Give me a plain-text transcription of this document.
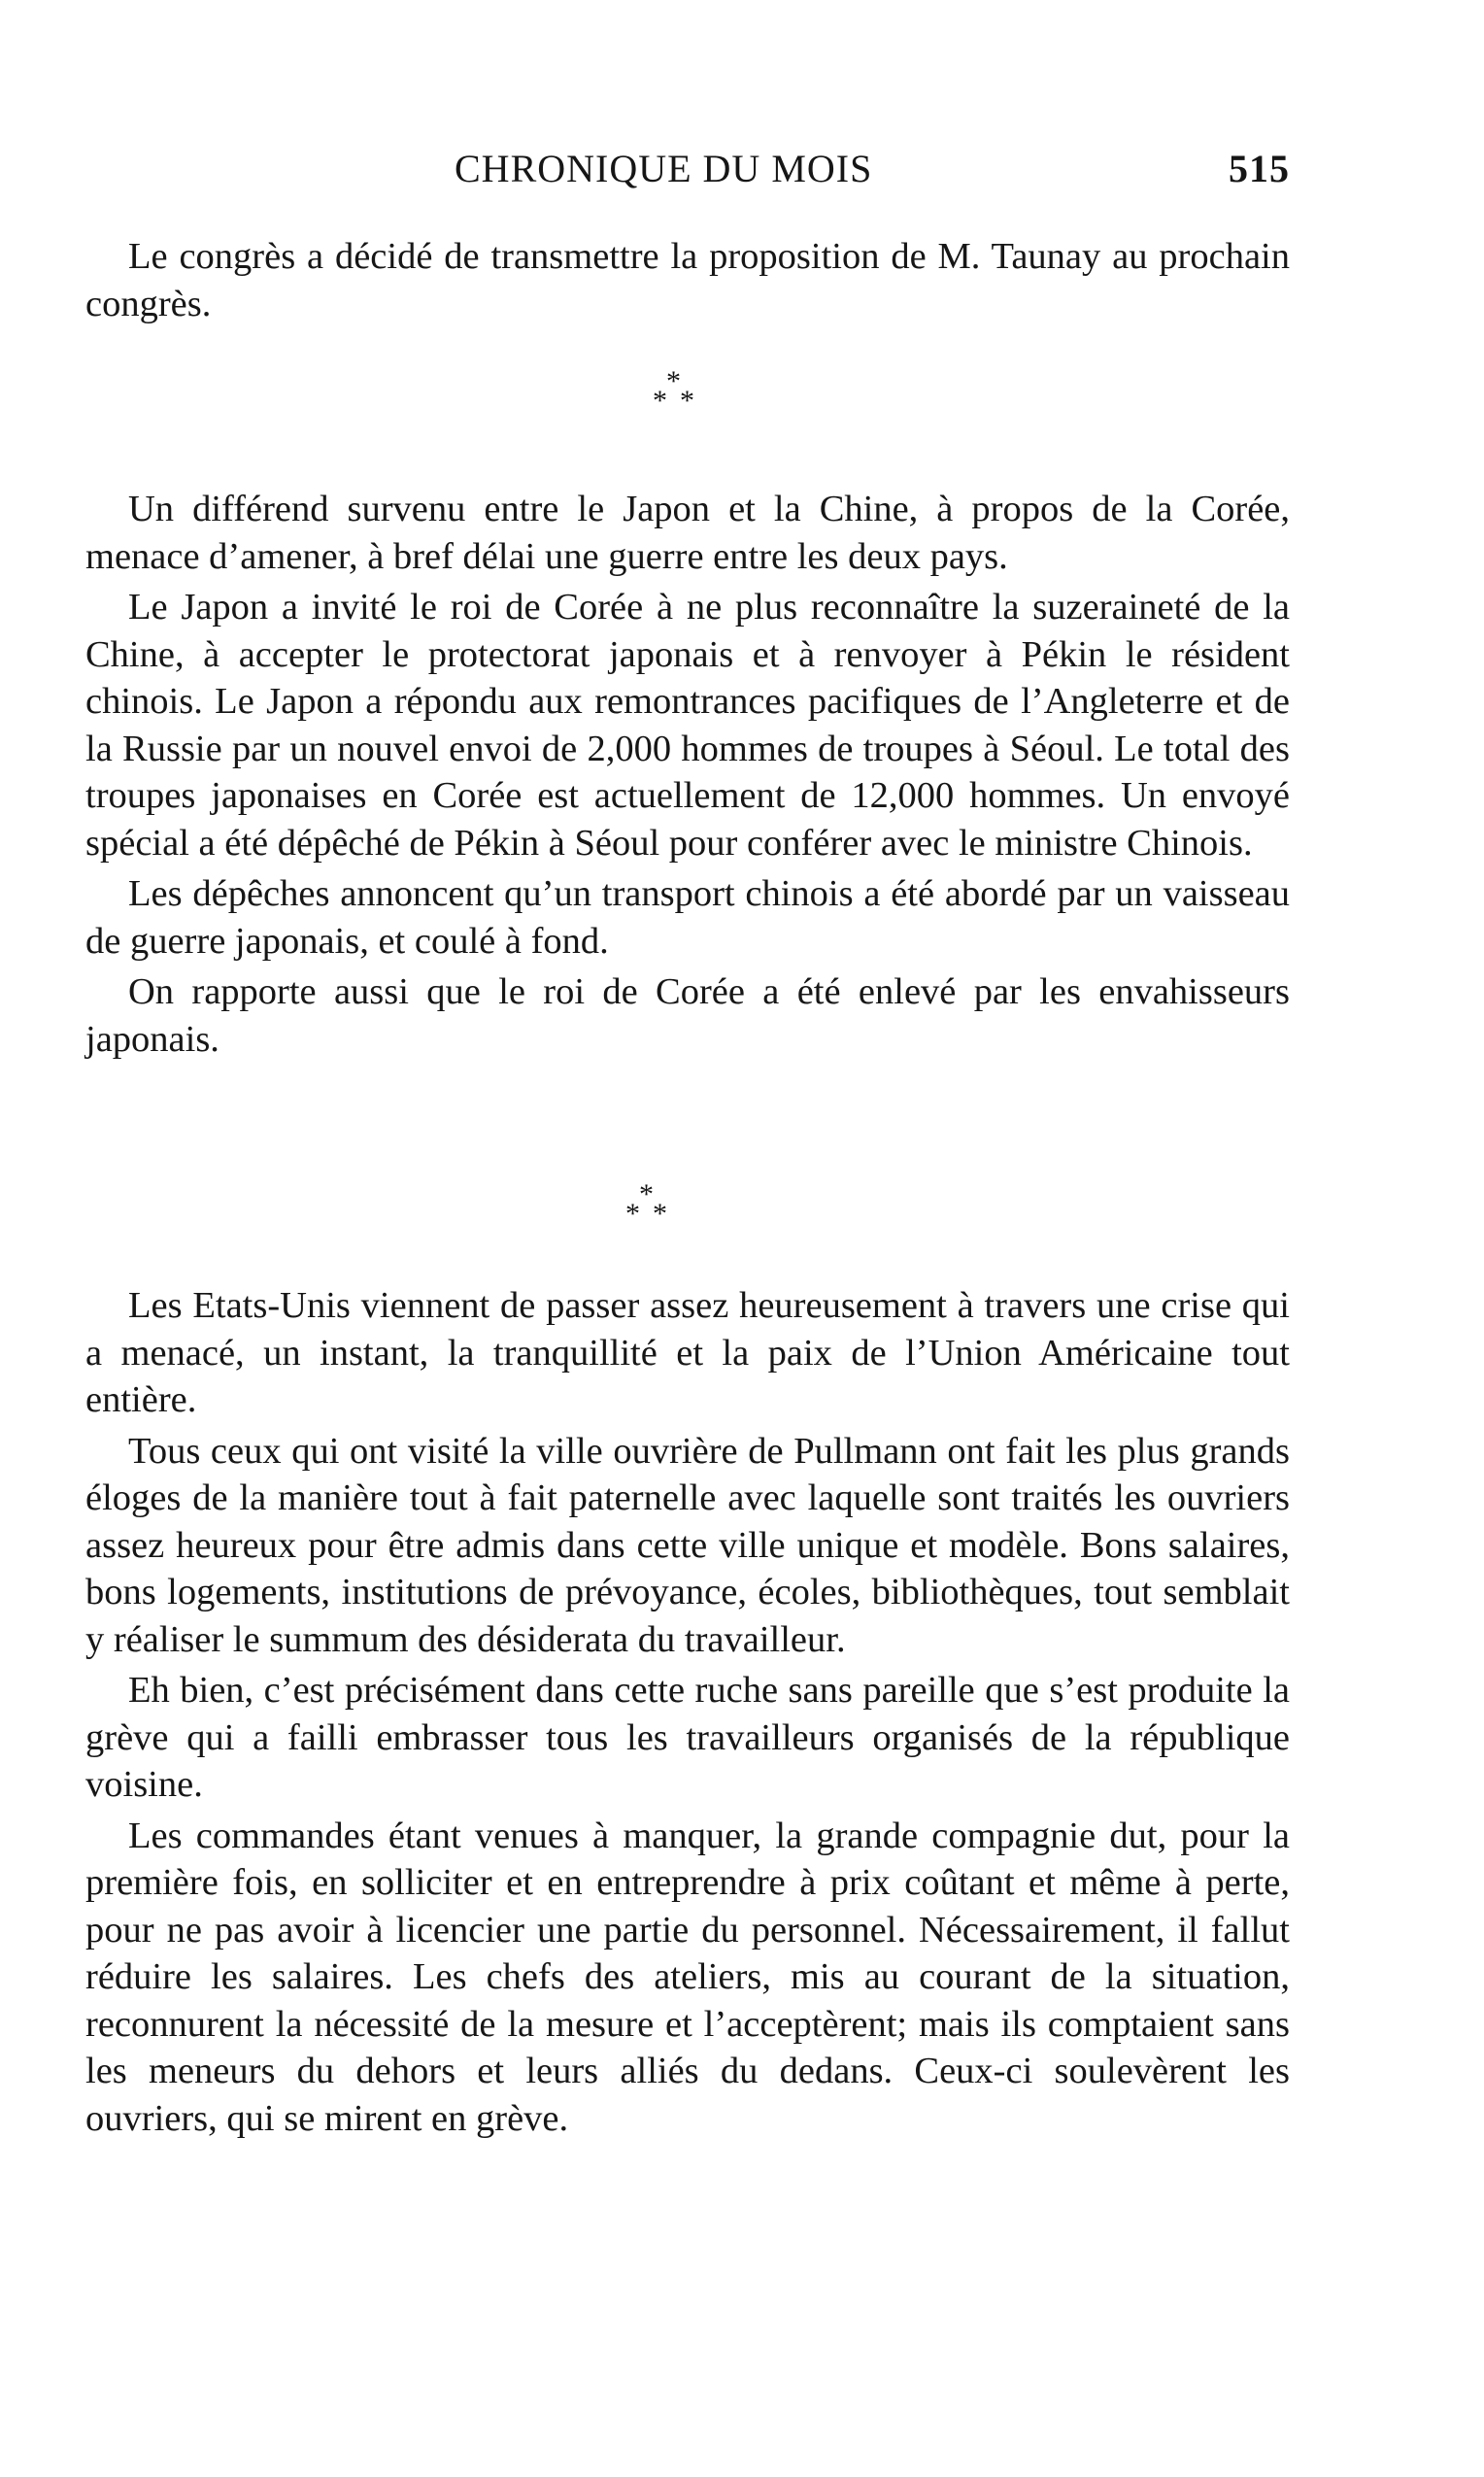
CHRONIQUE DU MOIS	515

Le congrès a décidé de transmettre la proposition de M. Taunay au prochain congrès.

*
* *

Un différend survenu entre le Japon et la Chine, à propos de la Corée, menace d’amener, à bref délai une guerre entre les deux pays.

Le Japon a invité le roi de Corée à ne plus reconnaître la suzeraineté de la Chine, à accepter le protectorat japonais et à renvoyer à Pékin le résident chinois. Le Japon a répondu aux remontrances pacifiques de l’Angleterre et de la Russie par un nouvel envoi de 2,000 hommes de troupes à Séoul. Le total des troupes japonaises en Corée est actuellement de 12,000 hommes. Un envoyé spécial a été dépêché de Pékin à Séoul pour conférer avec le ministre Chinois.

Les dépêches annoncent qu’un transport chinois a été abordé par un vaisseau de guerre japonais, et coulé à fond.

On rapporte aussi que le roi de Corée a été enlevé par les envahisseurs japonais.

*
* *

Les Etats-Unis viennent de passer assez heureusement à travers une crise qui a menacé, un instant, la tranquillité et la paix de l’Union Américaine tout entière.

Tous ceux qui ont visité la ville ouvrière de Pullmann ont fait les plus grands éloges de la manière tout à fait paternelle avec laquelle sont traités les ouvriers assez heureux pour être admis dans cette ville unique et modèle. Bons salaires, bons logements, institutions de prévoyance, écoles, bibliothèques, tout semblait y réaliser le summum des désiderata du travailleur.

Eh bien, c’est précisément dans cette ruche sans pareille que s’est produite la grève qui a failli embrasser tous les travailleurs organisés de la république voisine.

Les commandes étant venues à manquer, la grande compagnie dut, pour la première fois, en solliciter et en entreprendre à prix coûtant et même à perte, pour ne pas avoir à licencier une partie du personnel. Nécessairement, il fallut réduire les salaires. Les chefs des ateliers, mis au courant de la situation, reconnurent la nécessité de la mesure et l’acceptèrent; mais ils comptaient sans les meneurs du dehors et leurs alliés du dedans. Ceux-ci soulevèrent les ouvriers, qui se mirent en grève.
